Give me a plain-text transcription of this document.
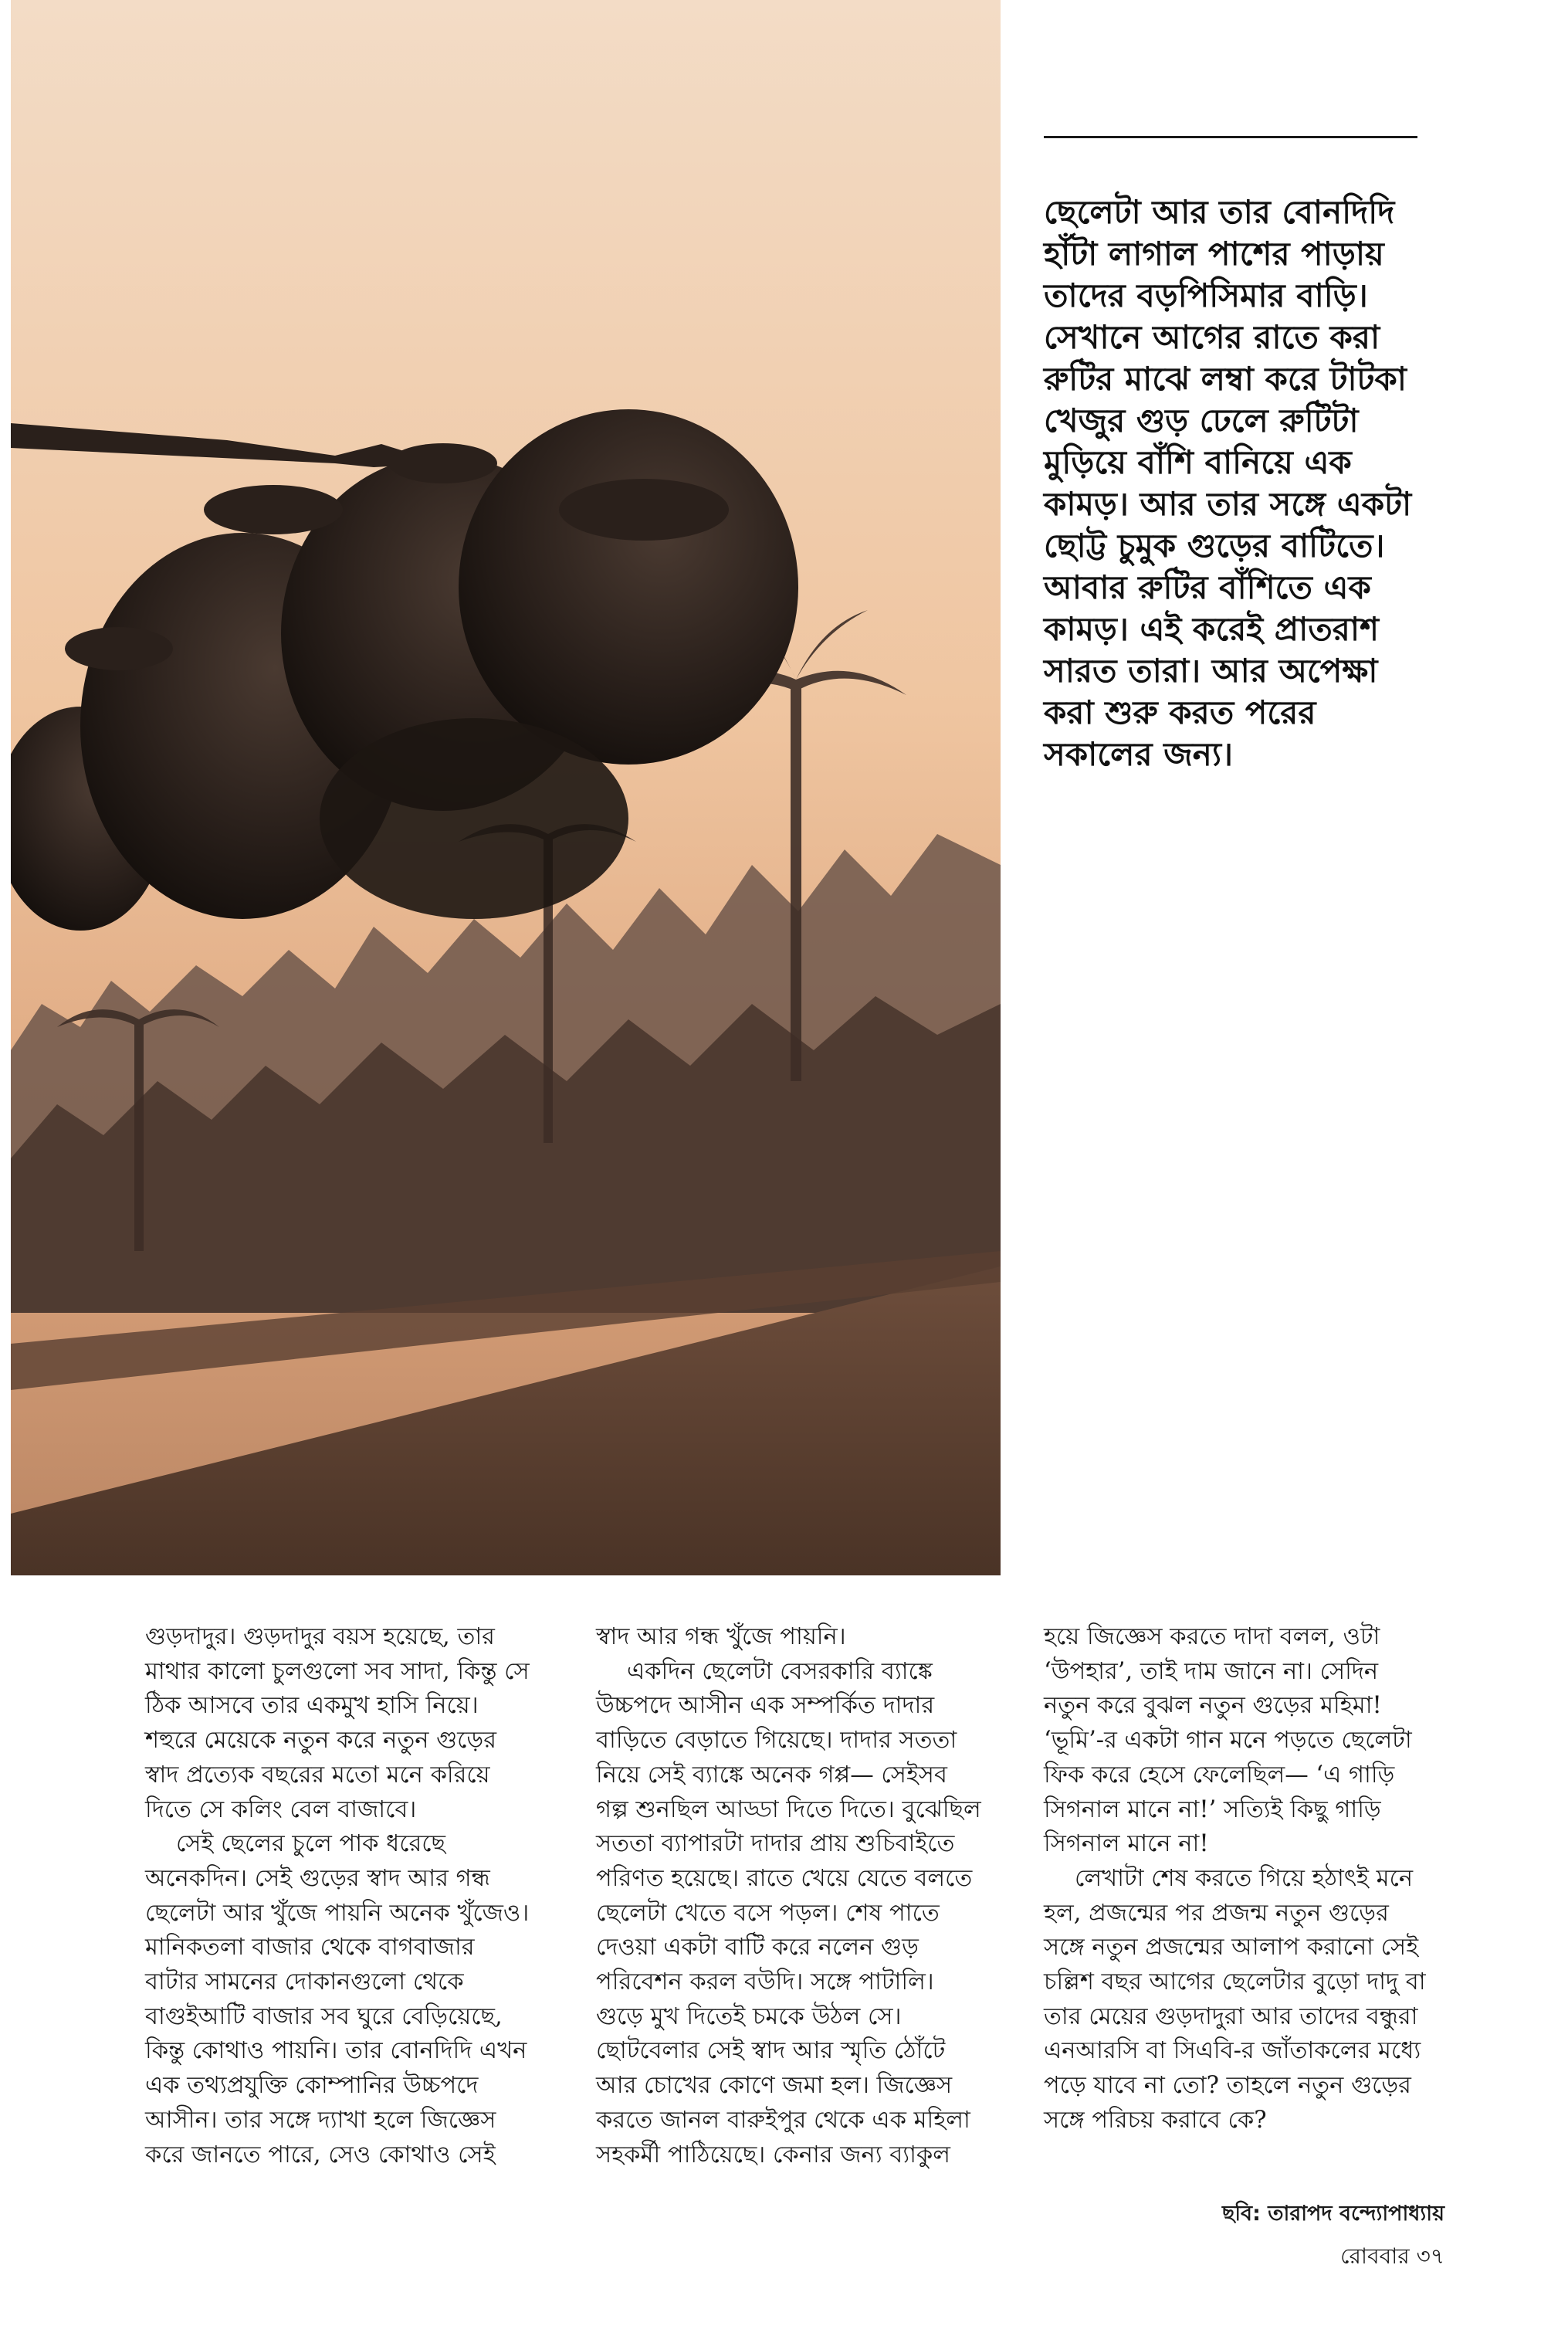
ছেলেটা আর তার বোনদিদি
হাঁটা লাগাল পাশের পাড়ায়
তাদের বড়পিসিমার বাড়ি।
সেখানে আগের রাতে করা
রুটির মাঝে লম্বা করে টাটকা
খেজুর গুড় ঢেলে রুটিটা
মুড়িয়ে বাঁশি বানিয়ে এক
কামড়। আর তার সঙ্গে একটা
ছোট্ট চুমুক গুড়ের বাটিতে।
আবার রুটির বাঁশিতে এক
কামড়। এই করেই প্রাতরাশ
সারত তারা। আর অপেক্ষা
করা শুরু করত পরের
সকালের জন্য।
গুড়দাদুর। গুড়দাদুর বয়স হয়েছে, তার
মাথার কালো চুলগুলো সব সাদা, কিন্তু সে
ঠিক আসবে তার একমুখ হাসি নিয়ে।
শহুরে মেয়েকে নতুন করে নতুন গুড়ের
স্বাদ প্রত্যেক বছরের মতো মনে করিয়ে
দিতে সে কলিং বেল বাজাবে।
সেই ছেলের চুলে পাক ধরেছে
অনেকদিন। সেই গুড়ের স্বাদ আর গন্ধ
ছেলেটা আর খুঁজে পায়নি অনেক খুঁজেও।
মানিকতলা বাজার থেকে বাগবাজার
বাটার সামনের দোকানগুলো থেকে
বাগুইআটি বাজার সব ঘুরে বেড়িয়েছে,
কিন্তু কোথাও পায়নি। তার বোনদিদি এখন
এক তথ্যপ্রযুক্তি কোম্পানির উচ্চপদে
আসীন। তার সঙ্গে দ্যাখা হলে জিজ্ঞেস
করে জানতে পারে, সেও কোথাও সেই
স্বাদ আর গন্ধ খুঁজে পায়নি।
একদিন ছেলেটা বেসরকারি ব্যাঙ্কে
উচ্চপদে আসীন এক সম্পর্কিত দাদার
বাড়িতে বেড়াতে গিয়েছে। দাদার সততা
নিয়ে সেই ব্যাঙ্কে অনেক গপ্প— সেইসব
গল্প শুনছিল আড্ডা দিতে দিতে। বুঝেছিল
সততা ব্যাপারটা দাদার প্রায় শুচিবাইতে
পরিণত হয়েছে। রাতে খেয়ে যেতে বলতে
ছেলেটা খেতে বসে পড়ল। শেষ পাতে
দেওয়া একটা বাটি করে নলেন গুড়
পরিবেশন করল বউদি। সঙ্গে পাটালি।
গুড়ে মুখ দিতেই চমকে উঠল সে।
ছোটবেলার সেই স্বাদ আর স্মৃতি ঠোঁটে
আর চোখের কোণে জমা হল। জিজ্ঞেস
করতে জানল বারুইপুর থেকে এক মহিলা
সহকর্মী পাঠিয়েছে। কেনার জন্য ব্যাকুল
হয়ে জিজ্ঞেস করতে দাদা বলল, ওটা
‘উপহার’, তাই দাম জানে না। সেদিন
নতুন করে বুঝল নতুন গুড়ের মহিমা!
‘ভূমি’-র একটা গান মনে পড়তে ছেলেটা
ফিক করে হেসে ফেলেছিল— ‘এ গাড়ি
সিগনাল মানে না!’ সত্যিই কিছু গাড়ি
সিগনাল মানে না!
লেখাটা শেষ করতে গিয়ে হঠাৎই মনে
হল, প্রজন্মের পর প্রজন্ম নতুন গুড়ের
সঙ্গে নতুন প্রজন্মের আলাপ করানো সেই
চল্লিশ বছর আগের ছেলেটার বুড়ো দাদু বা
তার মেয়ের গুড়দাদুরা আর তাদের বন্ধুরা
এনআরসি বা সিএবি-র জাঁতাকলের মধ্যে
পড়ে যাবে না তো? তাহলে নতুন গুড়ের
সঙ্গে পরিচয় করাবে কে?
ছবি: তারাপদ বন্দ্যোপাধ্যায়
রোববার ৩৭
